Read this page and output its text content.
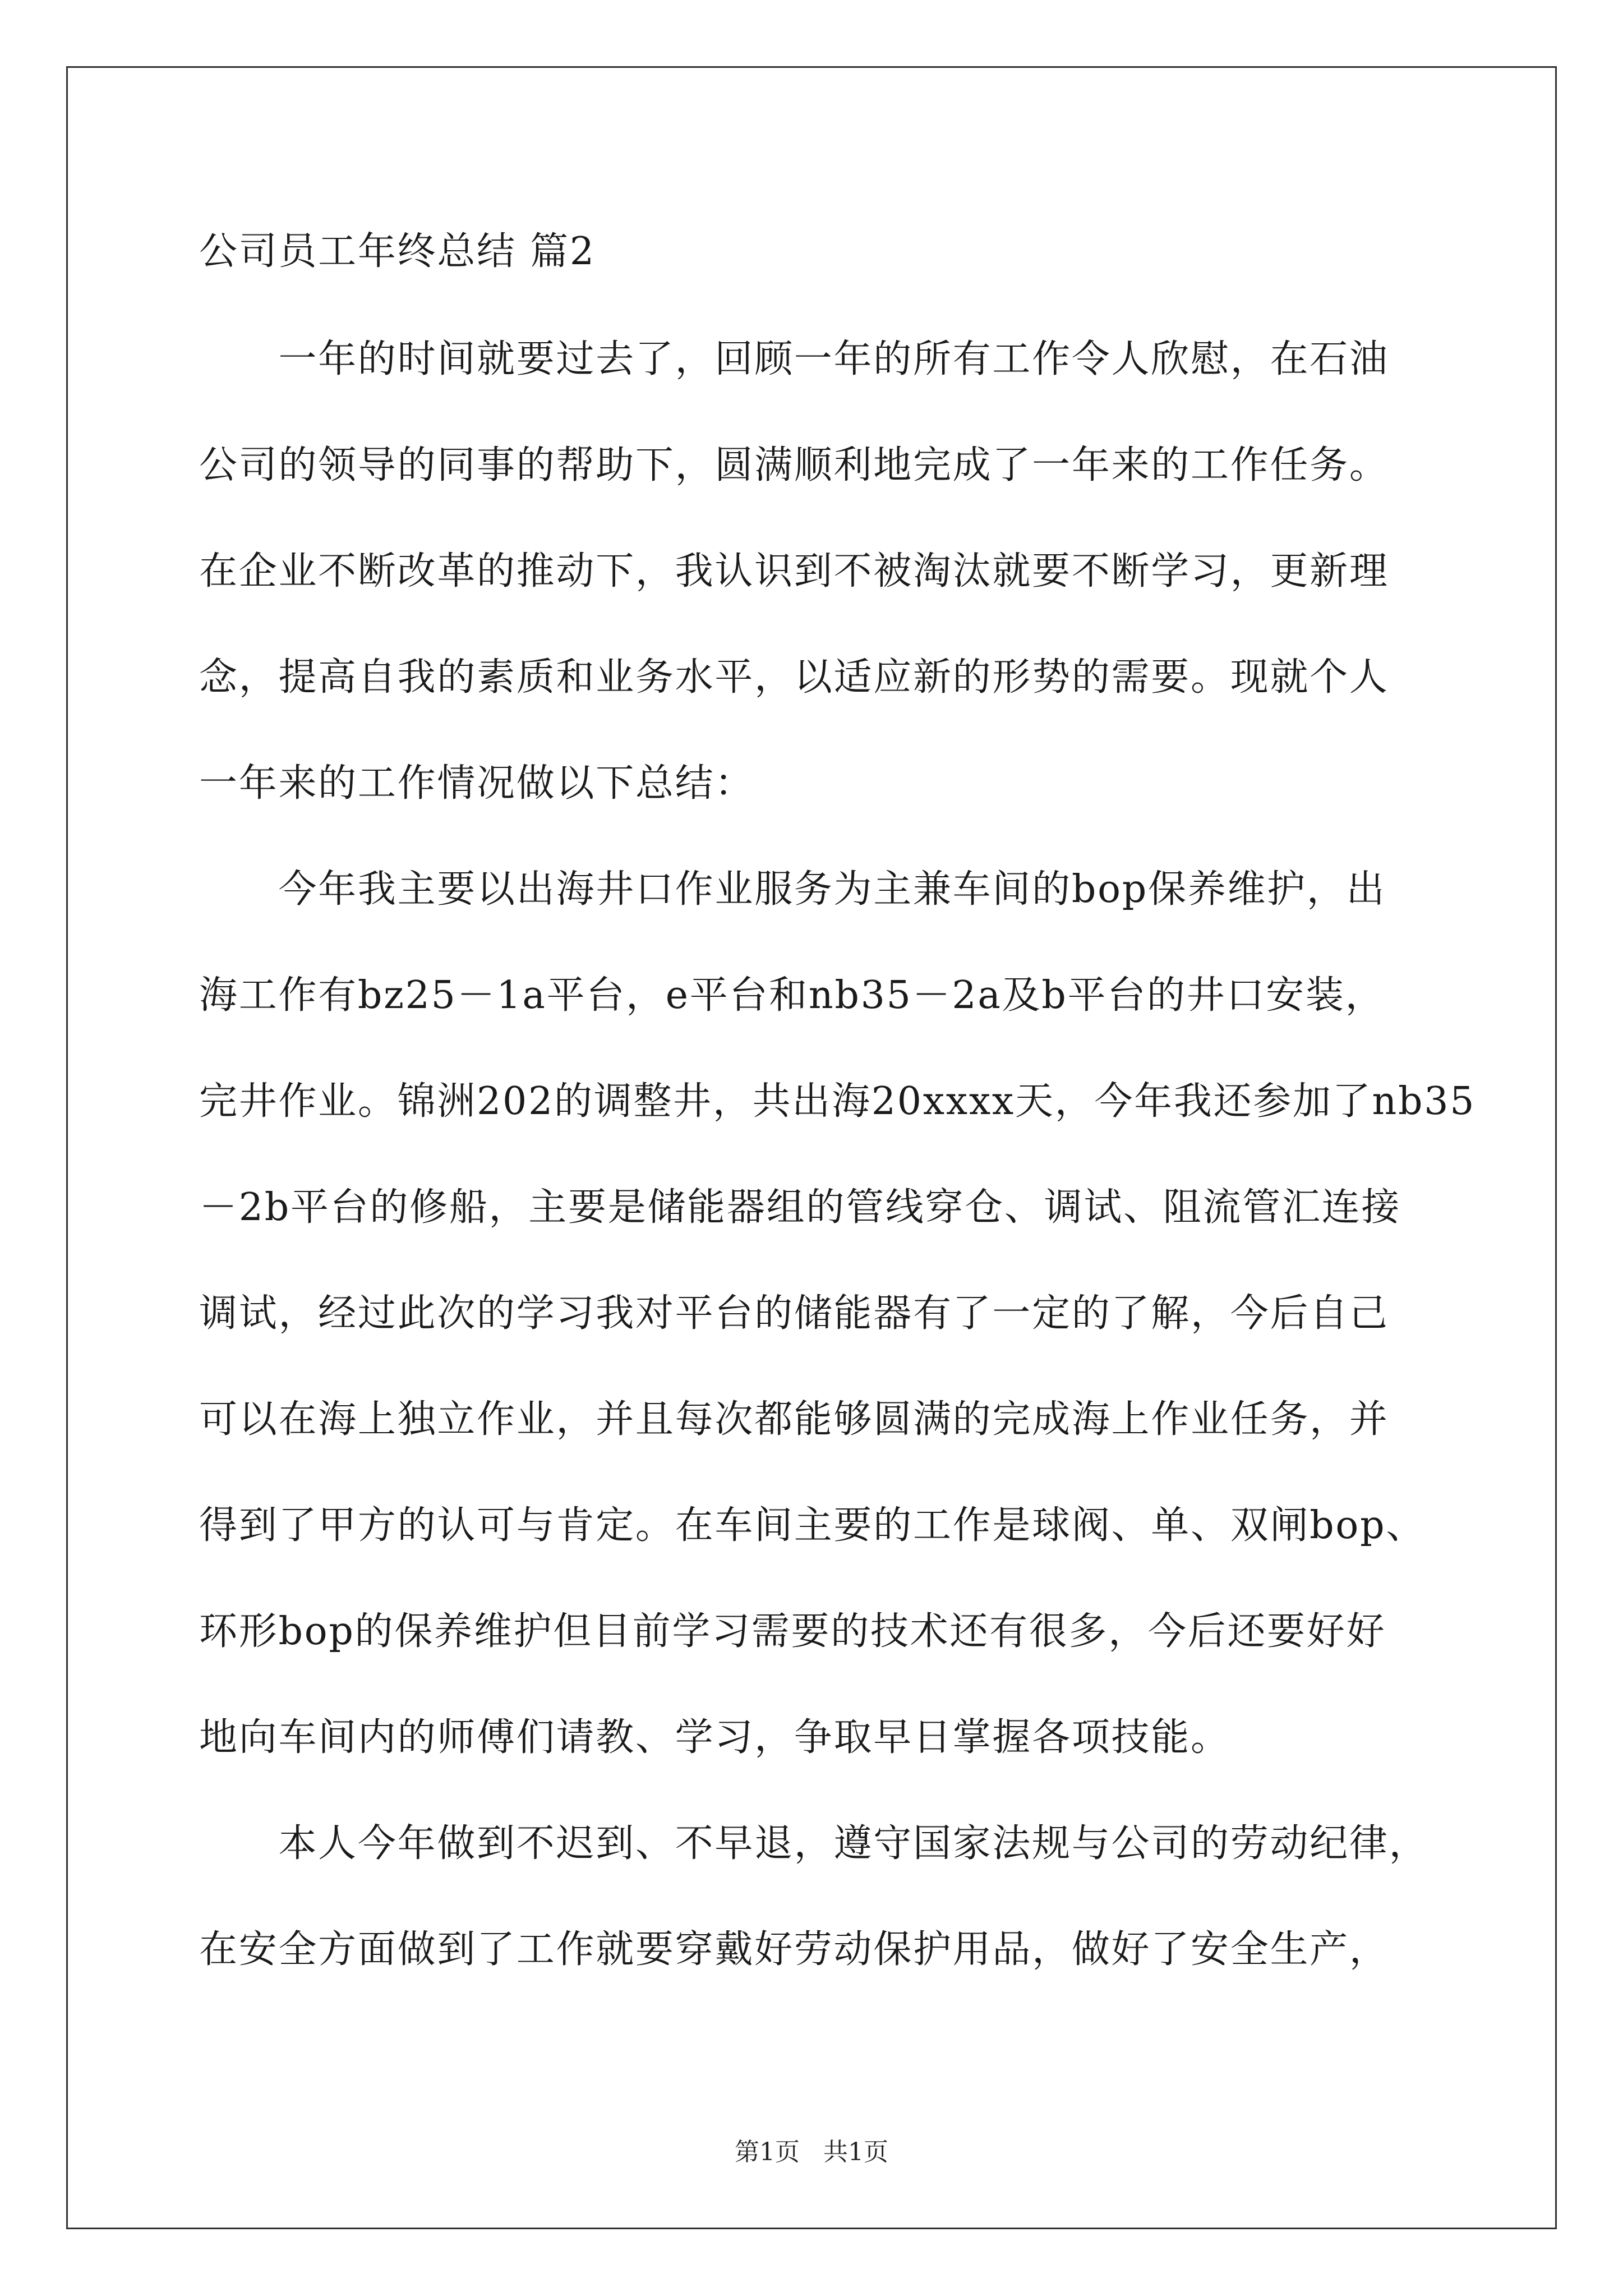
公司员工年终总结 篇2
　　一年的时间就要过去了，回顾一年的所有工作令人欣慰，在石油
公司的领导的同事的帮助下，圆满顺利地完成了一年来的工作任务。
在企业不断改革的推动下，我认识到不被淘汰就要不断学习，更新理
念，提高自我的素质和业务水平，以适应新的形势的需要。现就个人
一年来的工作情况做以下总结：
　　今年我主要以出海井口作业服务为主兼车间的bop保养维护，出
海工作有bz25－1a平台，e平台和nb35－2a及b平台的井口安装，
完井作业。锦洲202的调整井，共出海20xxxx天，今年我还参加了nb35
－2b平台的修船，主要是储能器组的管线穿仓、调试、阻流管汇连接
调试，经过此次的学习我对平台的储能器有了一定的了解，今后自己
可以在海上独立作业，并且每次都能够圆满的完成海上作业任务，并
得到了甲方的认可与肯定。在车间主要的工作是球阀、单、双闸bop、
环形bop的保养维护但目前学习需要的技术还有很多，今后还要好好
地向车间内的师傅们请教、学习，争取早日掌握各项技能。
　　本人今年做到不迟到、不早退，遵守国家法规与公司的劳动纪律，
在安全方面做到了工作就要穿戴好劳动保护用品，做好了安全生产，
第1页   共1页
